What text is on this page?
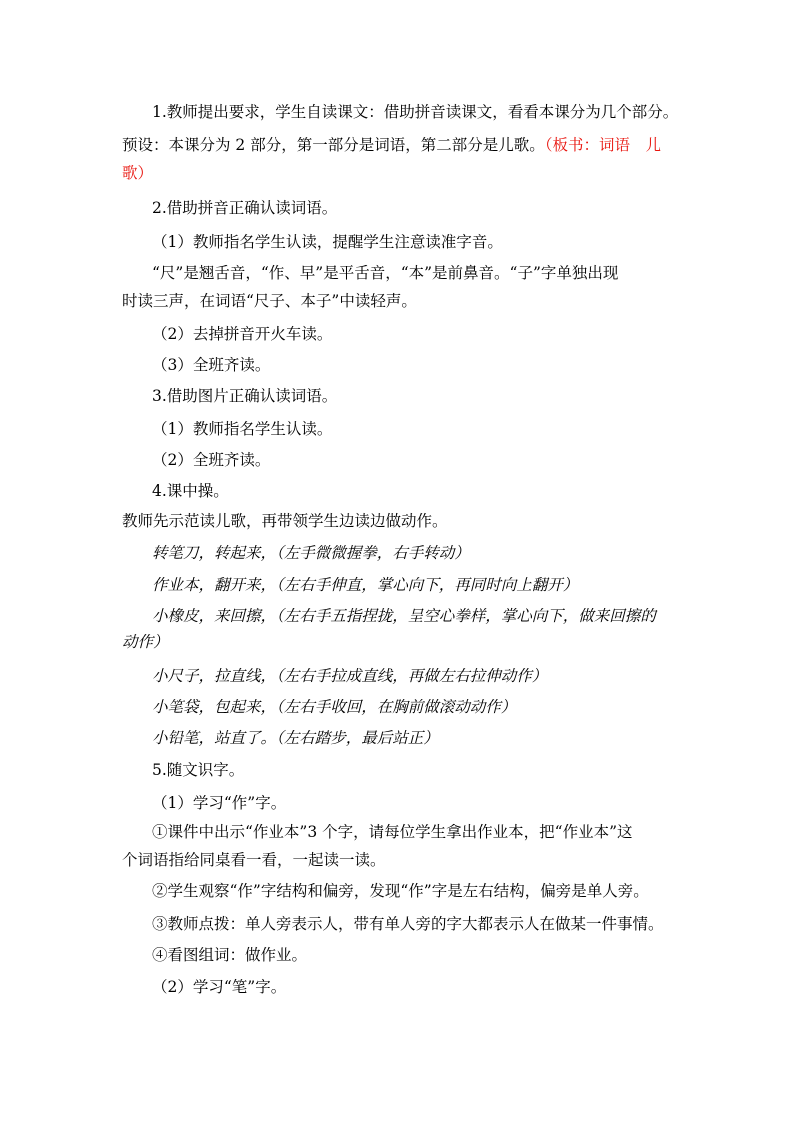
1.教师提出要求，学生自读课文：借助拼音读课文，看看本课分为几个部分。
预设：本课分为 2 部分，第一部分是词语，第二部分是儿歌。（板书：词语　儿
歌）
2.借助拼音正确认读词语。
（1）教师指名学生认读，提醒学生注意读准字音。
“尺”是翘舌音，“作、早”是平舌音，“本”是前鼻音。“子”字单独出现
时读三声，在词语“尺子、本子”中读轻声。
（2）去掉拼音开火车读。
（3）全班齐读。
3.借助图片正确认读词语。
（1）教师指名学生认读。
（2）全班齐读。
4.课中操。
教师先示范读儿歌，再带领学生边读边做动作。
转笔刀，转起来，（左手微微握拳，右手转动）
作业本，翻开来，（左右手伸直，掌心向下，再同时向上翻开）
小橡皮，来回擦，（左右手五指捏拢，呈空心拳样，掌心向下，做来回擦的
动作）
小尺子，拉直线，（左右手拉成直线，再做左右拉伸动作）
小笔袋，包起来，（左右手收回，在胸前做滚动动作）
小铅笔，站直了。（左右踏步，最后站正）
5.随文识字。
（1）学习“作”字。
①课件中出示“作业本”3 个字，请每位学生拿出作业本，把“作业本”这
个词语指给同桌看一看，一起读一读。
②学生观察“作”字结构和偏旁，发现“作”字是左右结构，偏旁是单人旁。
③教师点拨：单人旁表示人，带有单人旁的字大都表示人在做某一件事情。
④看图组词：做作业。
（2）学习“笔”字。
